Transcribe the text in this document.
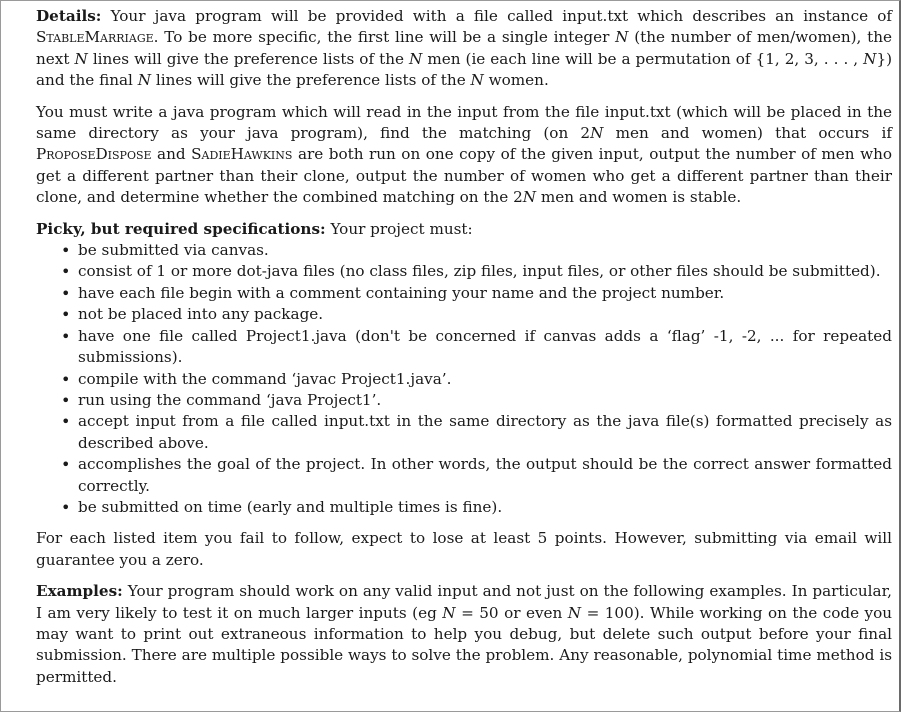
Details: Your java program will be provided with a file called input.txt which describes an instance of StableMarriage. To be more specific, the first line will be a single integer N (the number of men/women), the next N lines will give the preference lists of the N men (ie each line will be a permutation of {1, 2, 3, . . . , N}) and the final N lines will give the preference lists of the N women.

You must write a java program which will read in the input from the file input.txt (which will be placed in the same directory as your java program), find the matching (on 2N men and women) that occurs if ProposeDispose and SadieHawkins are both run on one copy of the given input, output the number of men who get a different partner than their clone, output the number of women who get a different partner than their clone, and determine whether the combined matching on the 2N men and women is stable.

Picky, but required specifications: Your project must:

• be submitted via canvas.
• consist of 1 or more dot-java files (no class files, zip files, input files, or other files should be submitted).
• have each file begin with a comment containing your name and the project number.
• not be placed into any package.
• have one file called Project1.java (don't be concerned if canvas adds a ‘flag’ -1, -2, ... for repeated submissions).
• compile with the command ‘javac Project1.java’.
• run using the command ‘java Project1’.
• accept input from a file called input.txt in the same directory as the java file(s) formatted precisely as described above.
• accomplishes the goal of the project. In other words, the output should be the correct answer formatted correctly.
• be submitted on time (early and multiple times is fine).

For each listed item you fail to follow, expect to lose at least 5 points. However, submitting via email will guarantee you a zero.

Examples: Your program should work on any valid input and not just on the following examples. In particular, I am very likely to test it on much larger inputs (eg N = 50 or even N = 100). While working on the code you may want to print out extraneous information to help you debug, but delete such output before your final submission. There are multiple possible ways to solve the problem. Any reasonable, polynomial time method is permitted.
